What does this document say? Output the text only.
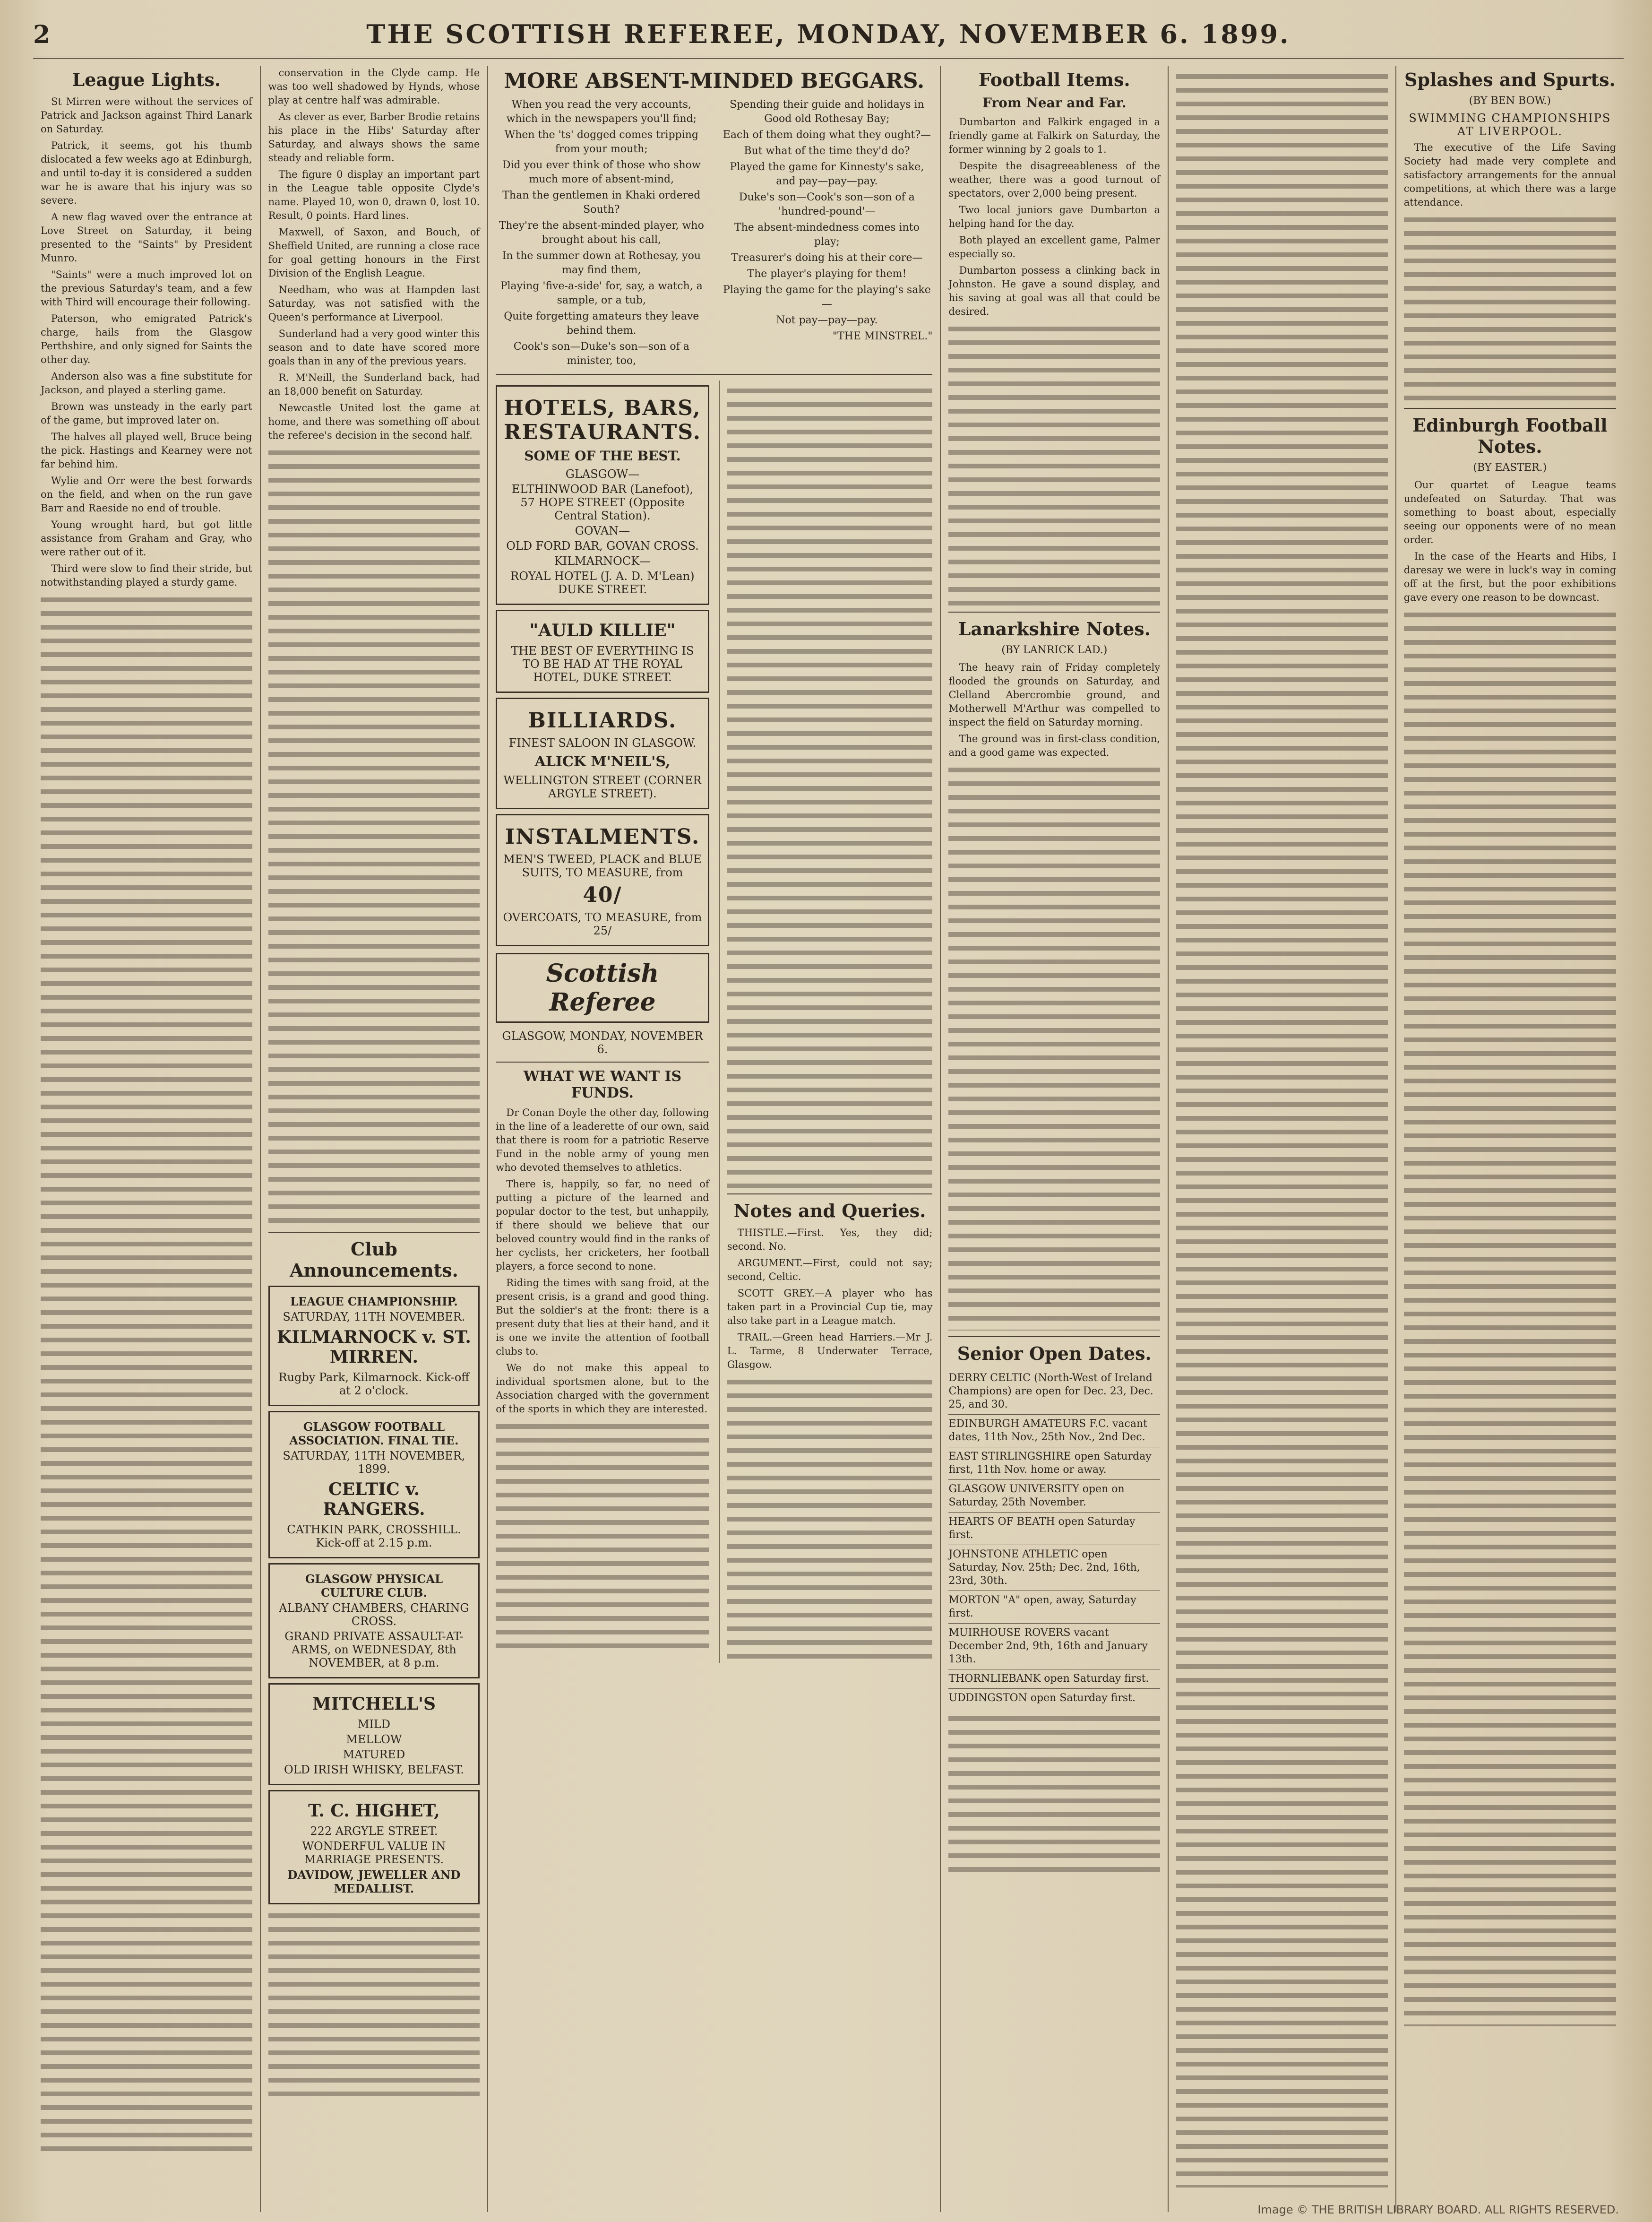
2	THE SCOTTISH REFEREE, MONDAY, NOVEMBER 6. 1899.
League Lights.

St Mirren were without the services of Patrick and Jackson against Third Lanark on Saturday.

Patrick, it seems, got his thumb dislocated a few weeks ago at Edinburgh, and until to-day it is considered a sudden war he is aware that his injury was so severe.

A new flag waved over the entrance at Love Street on Saturday, it being presented to the "Saints" by President Munro.

"Saints" were a much improved lot on the previous Saturday's team, and a few with Third will encourage their following.

Paterson, who emigrated Patrick's charge, hails from the Glasgow Perthshire, and only signed for Saints the other day.

Anderson also was a fine substitute for Jackson, and played a sterling game.

Brown was unsteady in the early part of the game, but improved later on.

The halves all played well, Bruce being the pick. Hastings and Kearney were not far behind him.

Wylie and Orr were the best forwards on the field, and when on the run gave Barr and Raeside no end of trouble.

Young wrought hard, but got little assistance from Graham and Gray, who were rather out of it.

Third were slow to find their stride, but notwithstanding played a sturdy game.

conservation in the Clyde camp. He was too well shadowed by Hynds, whose play at centre half was admirable.

As clever as ever, Barber Brodie retains his place in the Hibs' Saturday after Saturday, and always shows the same steady and reliable form.

The figure 0 display an important part in the League table opposite Clyde's name. Played 10, won 0, drawn 0, lost 10. Result, 0 points. Hard lines.

Maxwell, of Saxon, and Bouch, of Sheffield United, are running a close race for goal getting honours in the First Division of the English League.

Needham, who was at Hampden last Saturday, was not satisfied with the Queen's performance at Liverpool.

Sunderland had a very good winter this season and to date have scored more goals than in any of the previous years.

R. M'Neill, the Sunderland back, had an 18,000 benefit on Saturday.

Newcastle United lost the game at home, and there was something off about the referee's decision in the second half.

Club Announcements.
LEAGUE CHAMPIONSHIP.
SATURDAY, 11TH NOVEMBER.
KILMARNOCK v. ST. MIRREN.
Rugby Park, Kilmarnock. Kick-off at 2 o'clock.
GLASGOW FOOTBALL ASSOCIATION. FINAL TIE.
SATURDAY, 11TH NOVEMBER, 1899.
CELTIC v. RANGERS.
CATHKIN PARK, CROSSHILL. Kick-off at 2.15 p.m.
GLASGOW PHYSICAL CULTURE CLUB.
ALBANY CHAMBERS, CHARING CROSS.
GRAND PRIVATE ASSAULT-AT-ARMS, on WEDNESDAY, 8th NOVEMBER, at 8 p.m.
MITCHELL'S
MILD
MELLOW
MATURED
OLD IRISH WHISKY, BELFAST.
T. C. HIGHET,
222 ARGYLE STREET.
WONDERFUL VALUE IN MARRIAGE PRESENTS.
DAVIDOW, JEWELLER AND MEDALLIST.
MORE ABSENT-MINDED BEGGARS.

When you read the very accounts, which in the newspapers you'll find;

When the 'ts' dogged comes tripping from your mouth;

Did you ever think of those who show much more of absent-mind,

Than the gentlemen in Khaki ordered South?

They're the absent-minded player, who brought about his call,

In the summer down at Rothesay, you may find them,

Playing 'five-a-side' for, say, a watch, a sample, or a tub,

Quite forgetting amateurs they leave behind them.

Cook's son—Duke's son—son of a minister, too,

Spending their guide and holidays in Good old Rothesay Bay;

Each of them doing what they ought?—

But what of the time they'd do?

Played the game for Kinnesty's sake, and pay—pay—pay.

Duke's son—Cook's son—son of a 'hundred-pound'—

The absent-mindedness comes into play;

Treasurer's doing his at their core—

The player's playing for them!

Playing the game for the playing's sake—

Not pay—pay—pay.

"THE MINSTREL."

HOTELS, BARS, RESTAURANTS.
SOME OF THE BEST.
GLASGOW—
ELTHINWOOD BAR (Lanefoot), 57 HOPE STREET (Opposite Central Station).
GOVAN—
OLD FORD BAR, GOVAN CROSS.
KILMARNOCK—
ROYAL HOTEL (J. A. D. M'Lean) DUKE STREET.
"AULD KILLIE"
THE BEST OF EVERYTHING IS TO BE HAD AT THE ROYAL HOTEL, DUKE STREET.
BILLIARDS.
FINEST SALOON IN GLASGOW.
ALICK M'NEIL'S,
WELLINGTON STREET (CORNER ARGYLE STREET).
INSTALMENTS.
MEN'S TWEED, PLACK and BLUE SUITS, TO MEASURE, from
40/
OVERCOATS, TO MEASURE, from 25/
Scottish Referee
GLASGOW, MONDAY, NOVEMBER 6.
WHAT WE WANT IS FUNDS.

Dr Conan Doyle the other day, following in the line of a leaderette of our own, said that there is room for a patriotic Reserve Fund in the noble army of young men who devoted themselves to athletics.

There is, happily, so far, no need of putting a picture of the learned and popular doctor to the test, but unhappily, if there should we believe that our beloved country would find in the ranks of her cyclists, her cricketers, her football players, a force second to none.

Riding the times with sang froid, at the present crisis, is a grand and good thing. But the soldier's at the front: there is a present duty that lies at their hand, and it is one we invite the attention of football clubs to.

We do not make this appeal to individual sportsmen alone, but to the Association charged with the government of the sports in which they are interested.

Notes and Queries.

THISTLE.—First. Yes, they did; second. No.

ARGUMENT.—First, could not say; second, Celtic.

SCOTT GREY.—A player who has taken part in a Provincial Cup tie, may also take part in a League match.

TRAIL.—Green head Harriers.—Mr J. L. Tarme, 8 Underwater Terrace, Glasgow.

Football Items.
From Near and Far.

Dumbarton and Falkirk engaged in a friendly game at Falkirk on Saturday, the former winning by 2 goals to 1.

Despite the disagreeableness of the weather, there was a good turnout of spectators, over 2,000 being present.

Two local juniors gave Dumbarton a helping hand for the day.

Both played an excellent game, Palmer especially so.

Dumbarton possess a clinking back in Johnston. He gave a sound display, and his saving at goal was all that could be desired.

Lanarkshire Notes.
(BY LANRICK LAD.)

The heavy rain of Friday completely flooded the grounds on Saturday, and Clelland Abercrombie ground, and Motherwell M'Arthur was compelled to inspect the field on Saturday morning.

The ground was in first-class condition, and a good game was expected.

Senior Open Dates.
DERRY CELTIC (North-West of Ireland Champions) are open for Dec. 23, Dec. 25, and 30.
EDINBURGH AMATEURS F.C. vacant dates, 11th Nov., 25th Nov., 2nd Dec.
EAST STIRLINGSHIRE open Saturday first, 11th Nov. home or away.
GLASGOW UNIVERSITY open on Saturday, 25th November.
HEARTS OF BEATH open Saturday first.
JOHNSTONE ATHLETIC open Saturday, Nov. 25th; Dec. 2nd, 16th, 23rd, 30th.
MORTON "A" open, away, Saturday first.
MUIRHOUSE ROVERS vacant December 2nd, 9th, 16th and January 13th.
THORNLIEBANK open Saturday first.
UDDINGSTON open Saturday first.
Splashes and Spurts.
(BY BEN BOW.)
SWIMMING CHAMPIONSHIPS AT LIVERPOOL.

The executive of the Life Saving Society had made very complete and satisfactory arrangements for the annual competitions, at which there was a large attendance.

Edinburgh Football Notes.
(BY EASTER.)

Our quartet of League teams undefeated on Saturday. That was something to boast about, especially seeing our opponents were of no mean order.

In the case of the Hearts and Hibs, I daresay we were in luck's way in coming off at the first, but the poor exhibitions gave every one reason to be downcast.

Image © THE BRITISH LIBRARY BOARD. ALL RIGHTS RESERVED.
